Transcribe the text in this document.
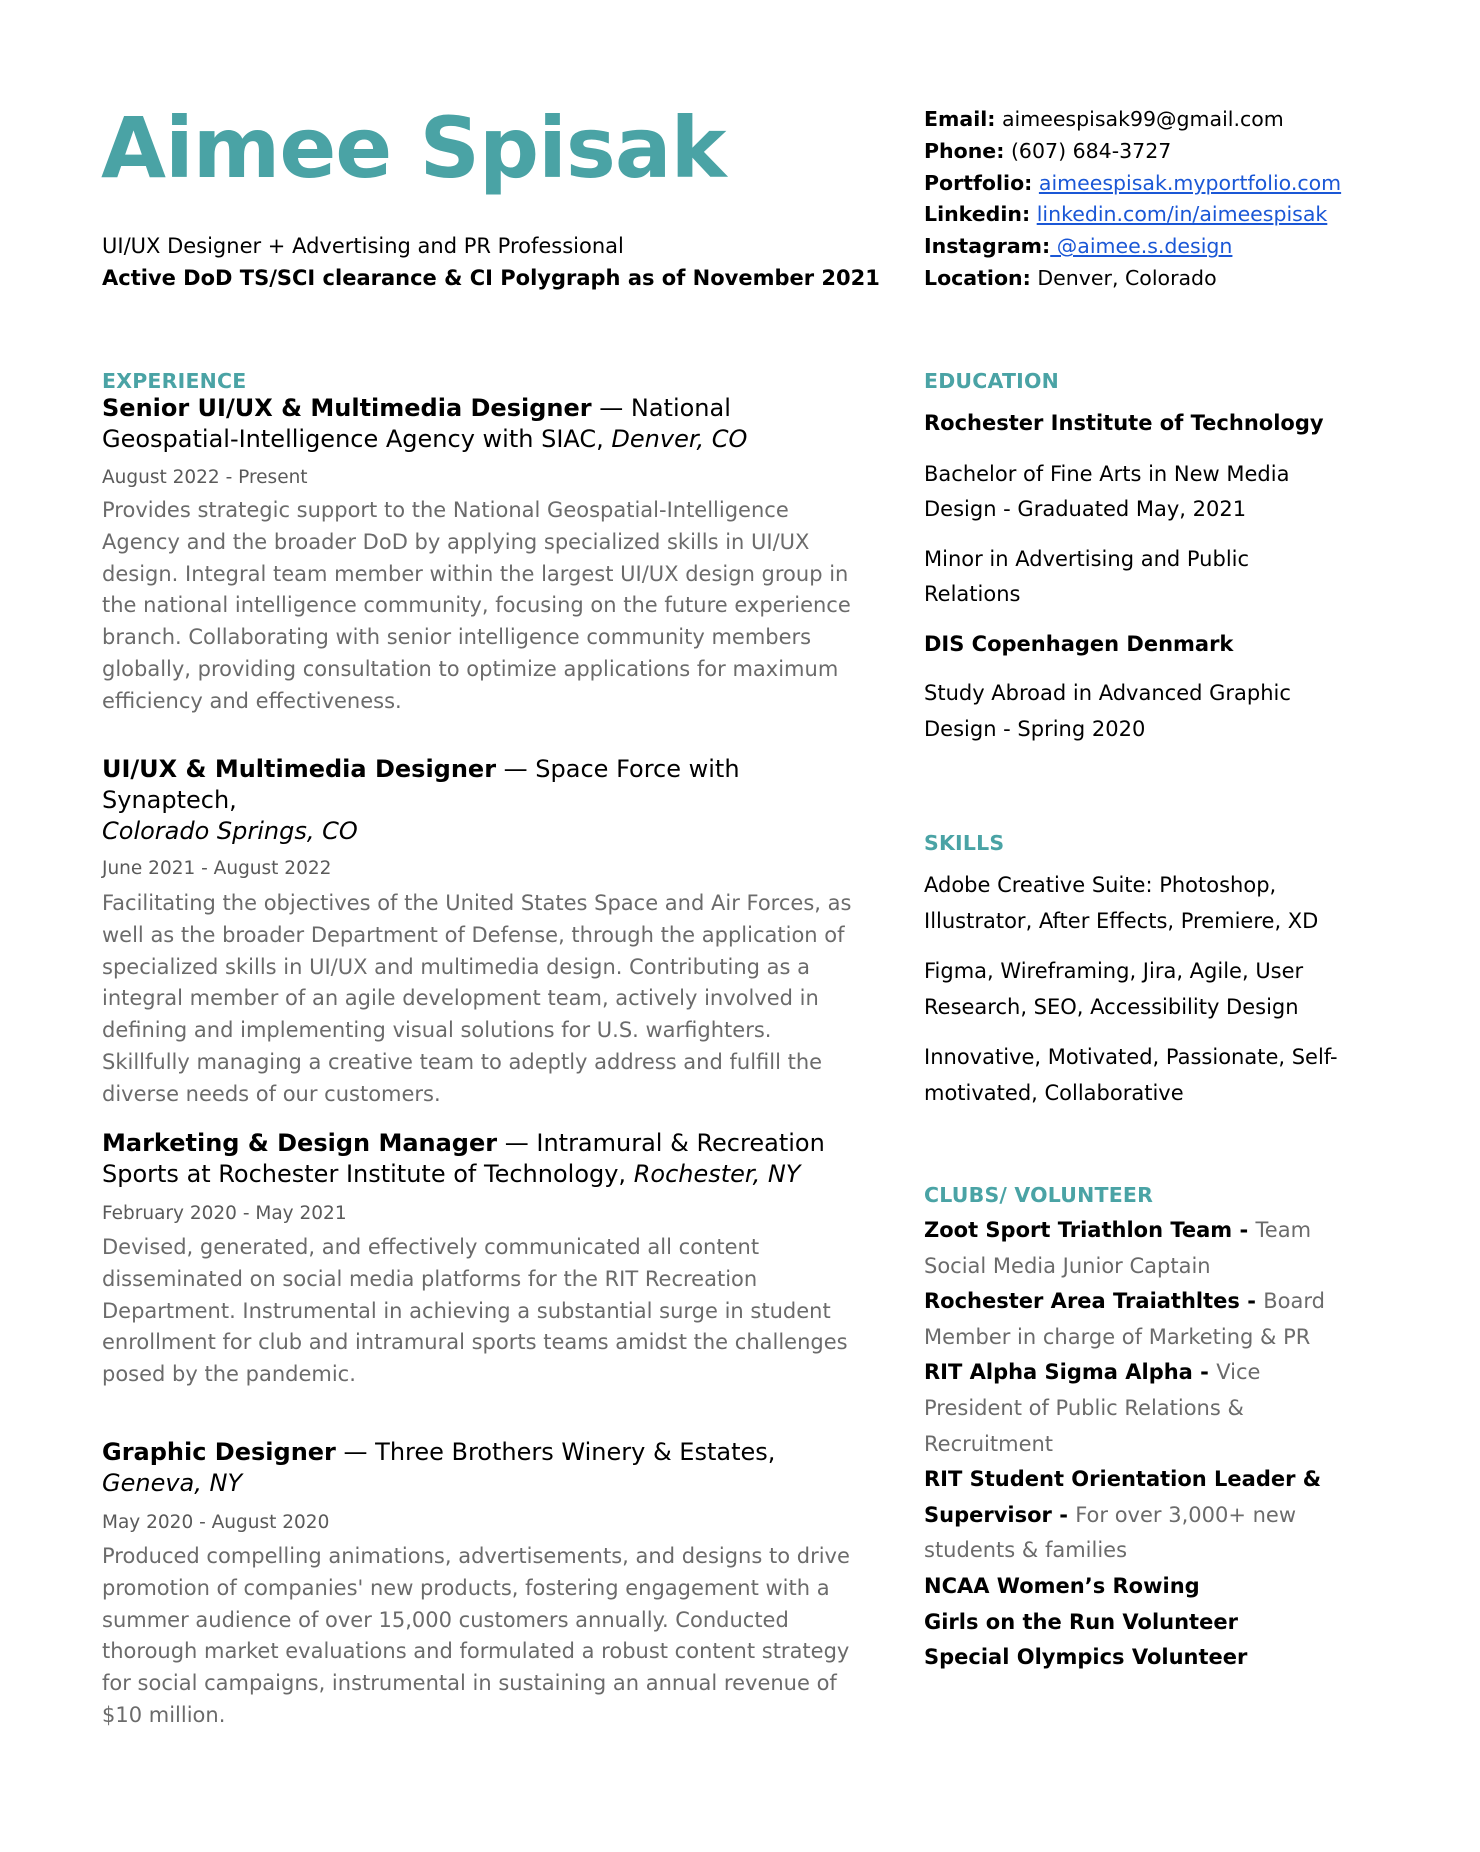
Aimee Spisak
UI/UX Designer + Advertising and PR Professional
Active DoD TS/SCI clearance & CI Polygraph as of November 2021
Email: aimeespisak99@gmail.com
Phone: (607) 684-3727
Portfolio: aimeespisak.myportfolio.com
Linkedin: linkedin.com/in/aimeespisak
Instagram: @aimee.s.design
Location: Denver, Colorado
EXPERIENCE
Senior UI/UX & Multimedia Designer — National
Geospatial-Intelligence Agency with SIAC, Denver, CO
August 2022 - Present
Provides strategic support to the National Geospatial-Intelligence Agency and the broader DoD by applying specialized skills in UI/UX design. Integral team member within the largest UI/UX design group in the national intelligence community, focusing on the future experience branch. Collaborating with senior intelligence community members globally, providing consultation to optimize applications for maximum efficiency and effectiveness.
UI/UX & Multimedia Designer — Space Force with Synaptech,
Colorado Springs, CO
June 2021 - August 2022
Facilitating the objectives of the United States Space and Air Forces, as well as the broader Department of Defense, through the application of specialized skills in UI/UX and multimedia design. Contributing as a integral member of an agile development team, actively involved in defining and implementing visual solutions for U.S. warfighters. Skillfully managing a creative team to adeptly address and fulfill the diverse needs of our customers.
Marketing & Design Manager — Intramural & Recreation
Sports at Rochester Institute of Technology, Rochester, NY
February 2020 - May 2021
Devised, generated, and effectively communicated all content disseminated on social media platforms for the RIT Recreation Department. Instrumental in achieving a substantial surge in student enrollment for club and intramural sports teams amidst the challenges posed by the pandemic.
Graphic Designer — Three Brothers Winery & Estates,
Geneva, NY
May 2020 - August 2020
Produced compelling animations, advertisements, and designs to drive promotion of companies' new products, fostering engagement with a summer audience of over 15,000 customers annually. Conducted thorough market evaluations and formulated a robust content strategy for social campaigns, instrumental in sustaining an annual revenue of $10 million.
EDUCATION
Rochester Institute of Technology
Bachelor of Fine Arts in New Media Design - Graduated May, 2021
Minor in Advertising and Public Relations
DIS Copenhagen Denmark
Study Abroad in Advanced Graphic Design - Spring 2020
SKILLS
Adobe Creative Suite: Photoshop, Illustrator, After Effects, Premiere, XD
Figma, Wireframing, Jira, Agile, User Research, SEO, Accessibility Design
Innovative, Motivated, Passionate, Self-motivated, Collaborative
CLUBS/ VOLUNTEER
Zoot Sport Triathlon Team - Team Social Media Junior Captain
Rochester Area Traiathltes - Board Member in charge of Marketing & PR
RIT Alpha Sigma Alpha - Vice President of Public Relations & Recruitment
RIT Student Orientation Leader & Supervisor - For over 3,000+ new students & families
NCAA Women’s Rowing
Girls on the Run Volunteer
Special Olympics Volunteer
